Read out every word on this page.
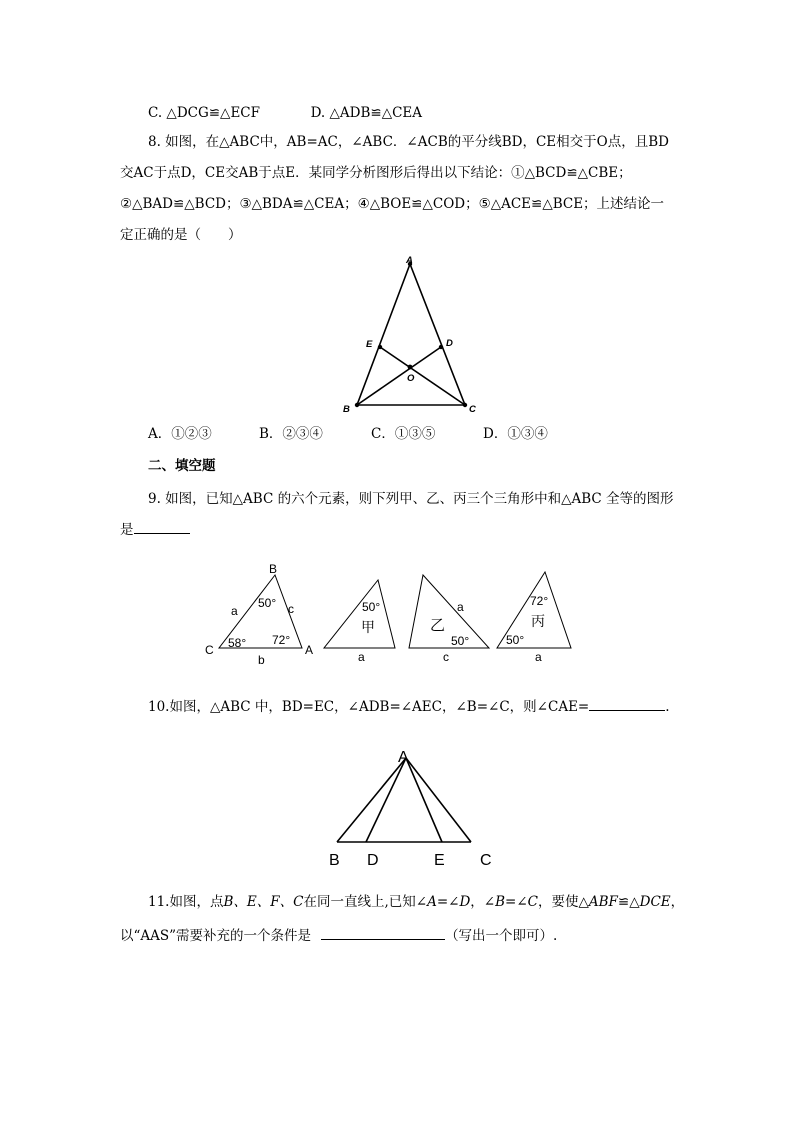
C. △DCG≌△ECF	D. △ADB≌△CEA
8. 如图，在△ABC中，AB=AC，∠ABC．∠ACB的平分线BD，CE相交于O点，且BD交AC于点D，CE交AB于点E．某同学分析图形后得出以下结论：①△BCD≌△CBE；②△BAD≌△BCD；③△BDA≌△CEA；④△BOE≌△COD；⑤△ACE≌△BCE；上述结论一定正确的是（　　）
A
E	D
O
B	C
A．①②③	B．②③④	C．①③⑤	D．①③④
二、填空题
9. 如图，已知△ABC 的六个元素，则下列甲、乙、丙三个三角形中和△ABC 全等的图形是
B
C	A
a	c
b
50°
58° 72°
50°
甲
a
a
乙
50°
c
72°
丙
50°
a
10.如图，△ABC 中，BD=EC，∠ADB=∠AEC，∠B=∠C，则∠CAE=	.
A
B D	E C
11.如图，点B、E、F、C在同一直线上,已知∠A=∠D，∠B=∠C，要使△ABF≌△DCE，
以“AAS”需要补充的一个条件是	（写出一个即可）.
